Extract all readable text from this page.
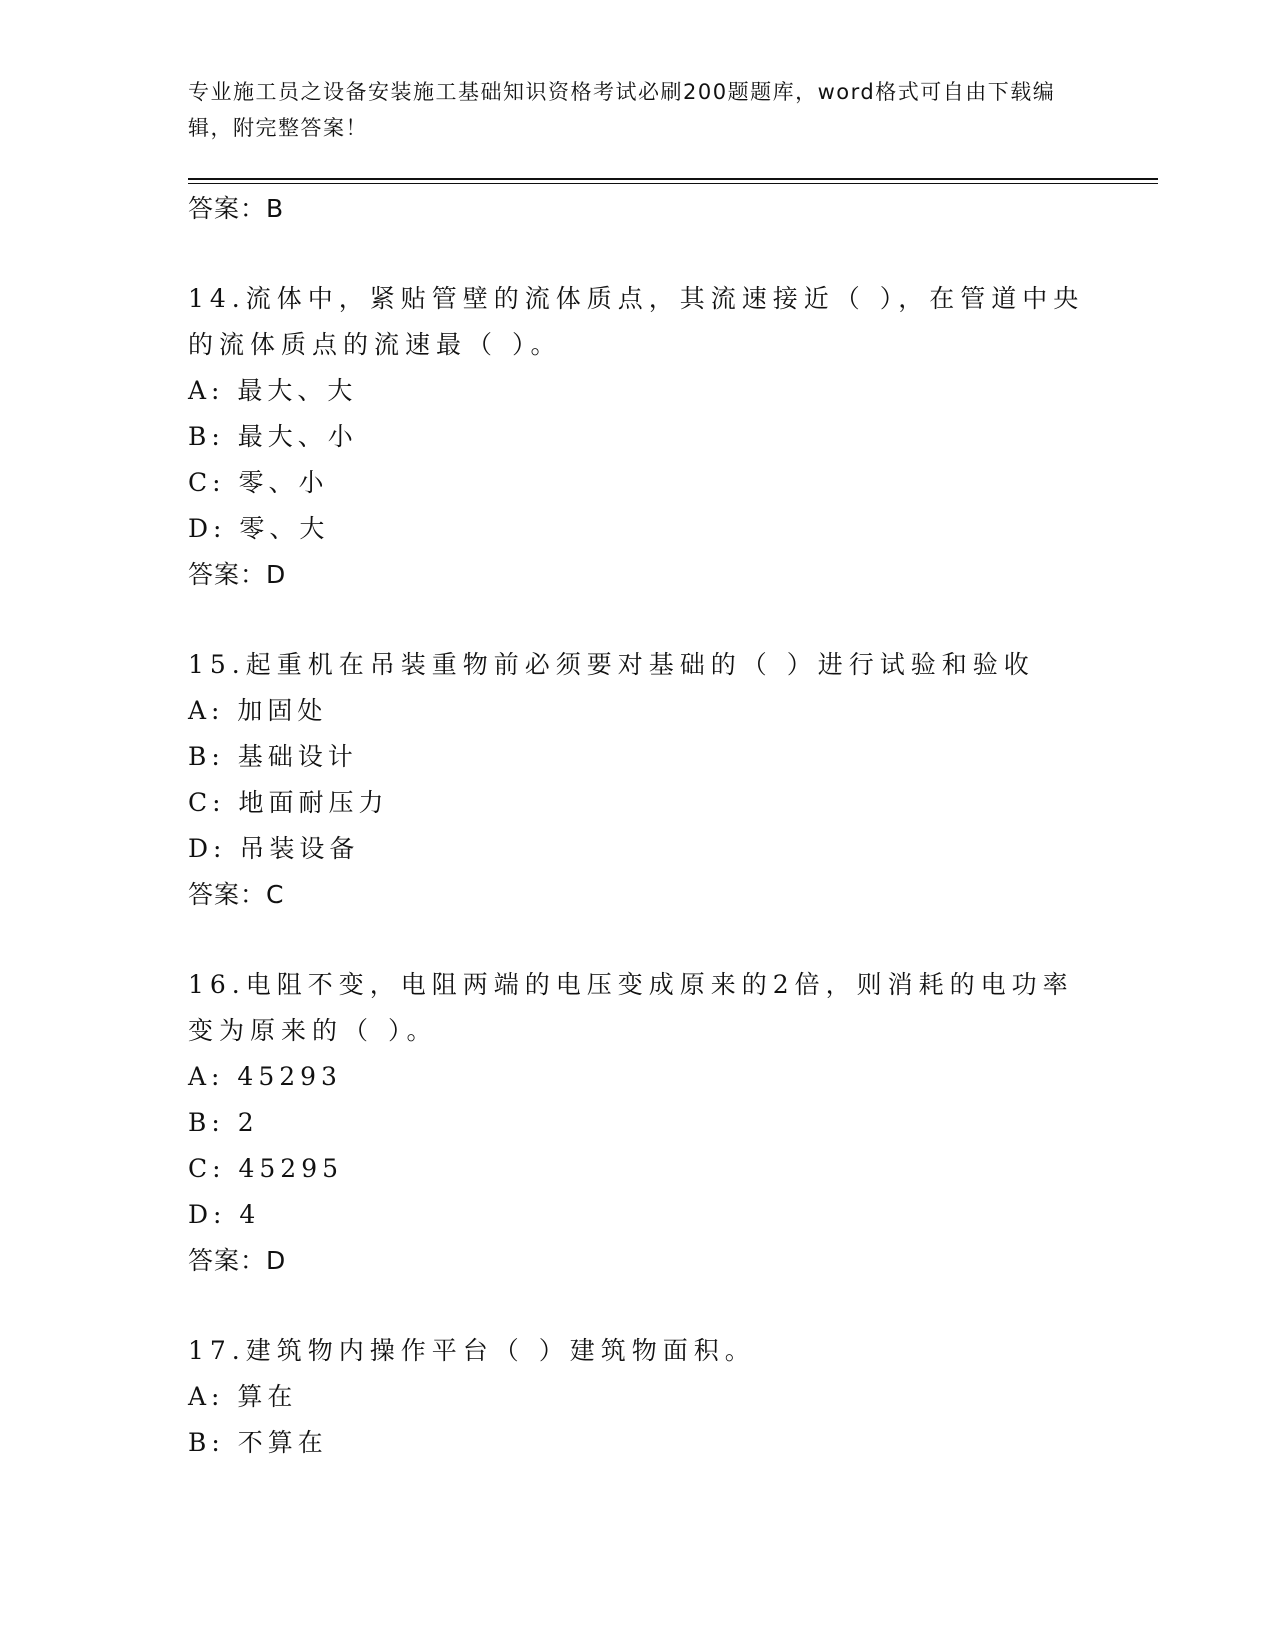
专业施工员之设备安装施工基础知识资格考试必刷200题题库，word格式可自由下载编辑，附完整答案！
答案：B
14.流体中，紧贴管壁的流体质点，其流速接近（ ），在管道中央的流体质点的流速最（ ）。
A: 最大、大
B: 最大、小
C: 零、小
D: 零、大
答案：D
15.起重机在吊装重物前必须要对基础的（ ）进行试验和验收
A: 加固处
B: 基础设计
C: 地面耐压力
D: 吊装设备
答案：C
16.电阻不变，电阻两端的电压变成原来的2倍，则消耗的电功率变为原来的（ ）。
A: 45293
B: 2
C: 45295
D: 4
答案：D
17.建筑物内操作平台（ ）建筑物面积。
A: 算在
B: 不算在
